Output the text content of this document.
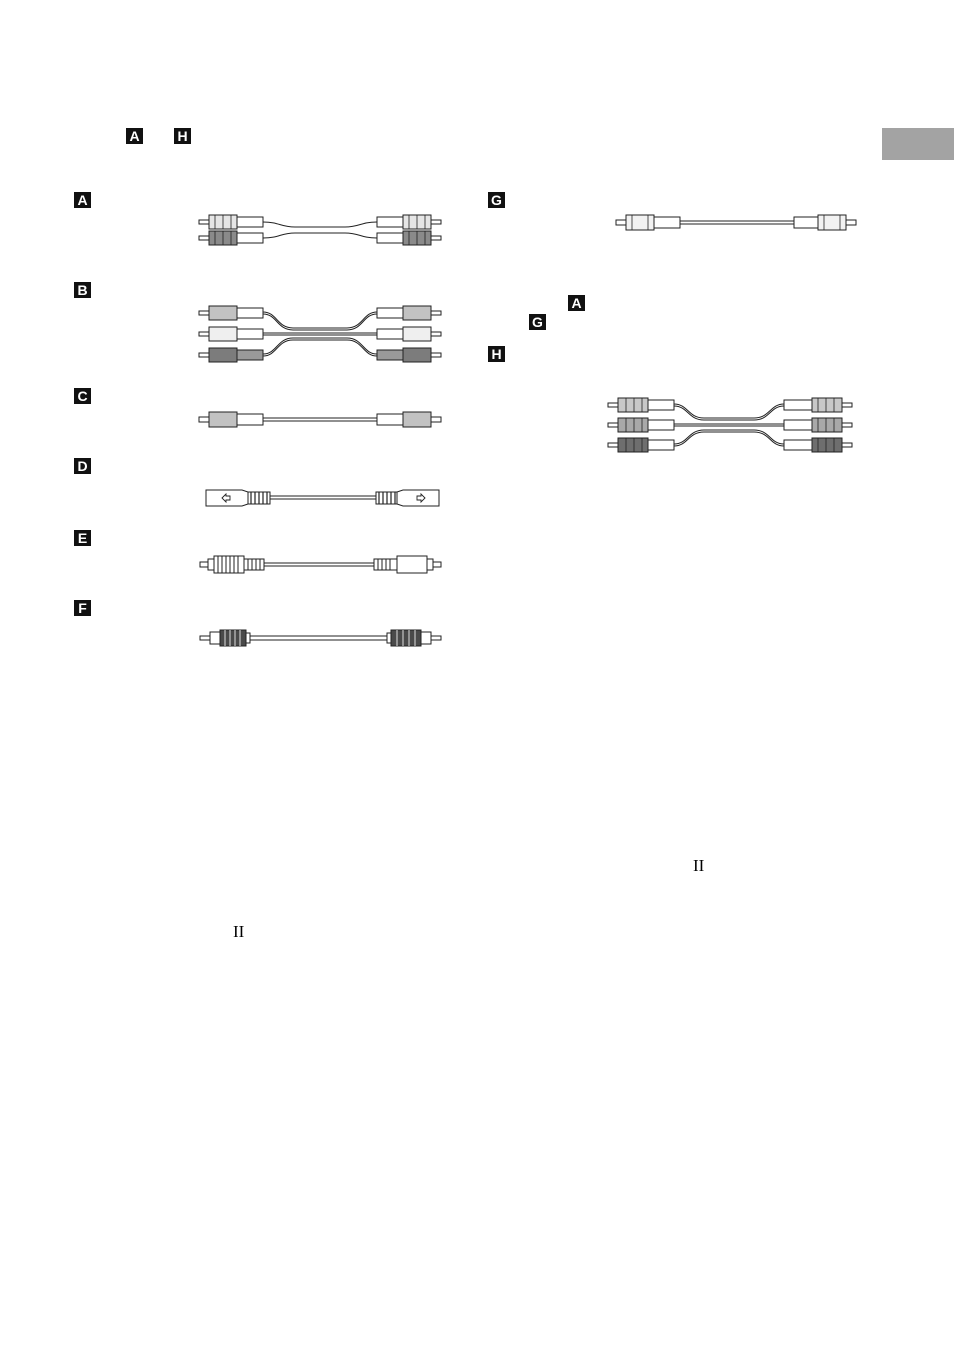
A	H
A
B
C
D
E
F
G
A
G
H
II
II
